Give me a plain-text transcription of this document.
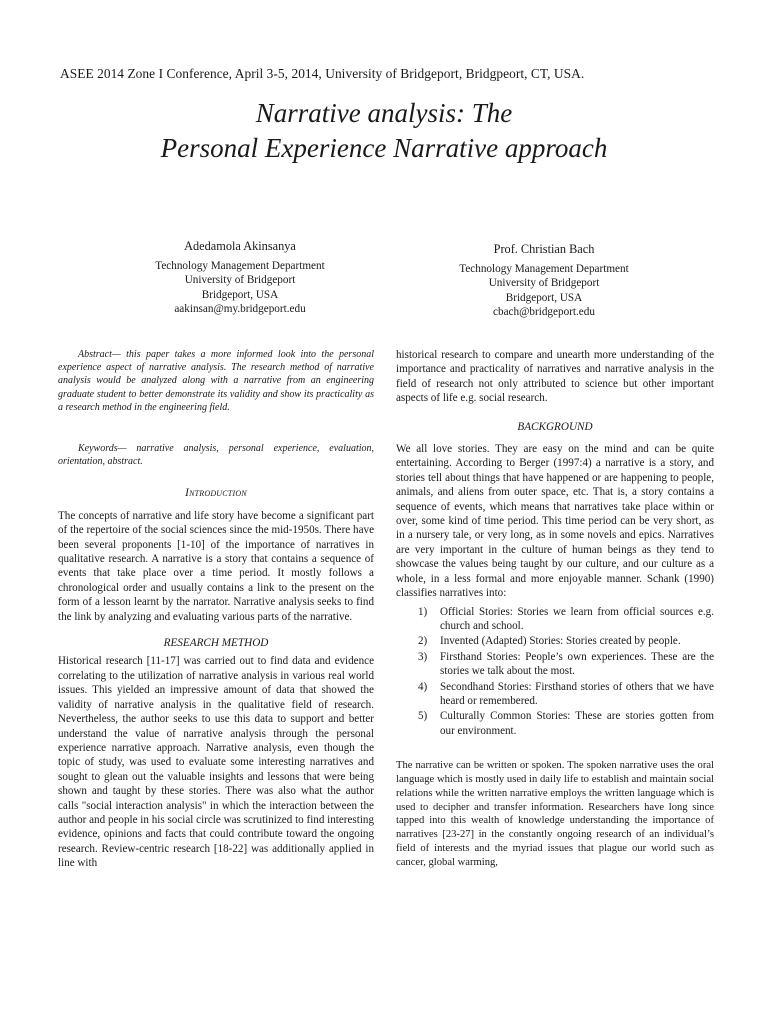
ASEE 2014 Zone I Conference, April 3-5, 2014, University of Bridgeport, Bridgpeort, CT, USA.
Narrative analysis: The
Personal Experience Narrative approach
Adedamola Akinsanya
Technology Management Department
University of Bridgeport
Bridgeport, USA
aakinsan@my.bridgeport.edu
Prof. Christian Bach
Technology Management Department
University of Bridgeport
Bridgeport, USA
cbach@bridgeport.edu

Abstract— this paper takes a more informed look into the personal experience aspect of narrative analysis. The research method of narrative analysis would be analyzed along with a narrative from an engineering graduate student to better demonstrate its validity and show its practicality as a research method in the engineering field.

Keywords— narrative analysis, personal experience, evaluation, orientation, abstract.

Introduction

The concepts of narrative and life story have become a significant part of the repertoire of the social sciences since the mid-1950s. There have been several proponents [1-10] of the importance of narratives in qualitative research. A narrative is a story that contains a sequence of events that take place over a time period. It mostly follows a chronological order and usually contains a link to the present on the form of a lesson learnt by the narrator. Narrative analysis seeks to find the link by analyzing and evaluating various parts of the narrative.

RESEARCH METHOD

Historical research [11-17] was carried out to find data and evidence correlating to the utilization of narrative analysis in various real world issues. This yielded an impressive amount of data that showed the validity of narrative analysis in the qualitative field of research. Nevertheless, the author seeks to use this data to support and better understand the value of narrative analysis through the personal experience narrative approach. Narrative analysis, even though the topic of study, was used to evaluate some interesting narratives and sought to glean out the valuable insights and lessons that were being shown and taught by these stories. There was also what the author calls "social interaction analysis" in which the interaction between the author and people in his social circle was scrutinized to find interesting evidence, opinions and facts that could contribute toward the ongoing research. Review-centric research [18-22] was additionally applied in line with

historical research to compare and unearth more understanding of the importance and practicality of narratives and narrative analysis in the field of research not only attributed to science but other important aspects of life e.g. social research.

BACKGROUND

We all love stories. They are easy on the mind and can be quite entertaining. According to Berger (1997:4) a narrative is a story, and stories tell about things that have happened or are happening to people, animals, and aliens from outer space, etc. That is, a story contains a sequence of events, which means that narratives take place within or over, some kind of time period. This time period can be very short, as in a nursery tale, or very long, as in some novels and epics. Narratives are very important in the culture of human beings as they tend to showcase the values being taught by our culture, and our culture as a whole, in a less formal and more enjoyable manner. Schank (1990) classifies narratives into:

1) Official Stories: Stories we learn from official sources e.g. church and school.
2) Invented (Adapted) Stories: Stories created by people.
3) Firsthand Stories: People’s own experiences. These are the stories we talk about the most.
4) Secondhand Stories: Firsthand stories of others that we have heard or remembered.
5) Culturally Common Stories: These are stories gotten from our environment.

The narrative can be written or spoken. The spoken narrative uses the oral language which is mostly used in daily life to establish and maintain social relations while the written narrative employs the written language which is used to decipher and transfer information. Researchers have long since tapped into this wealth of knowledge understanding the importance of narratives [23-27] in the constantly ongoing research of an individual’s field of interests and the myriad issues that plague our world such as cancer, global warming,
